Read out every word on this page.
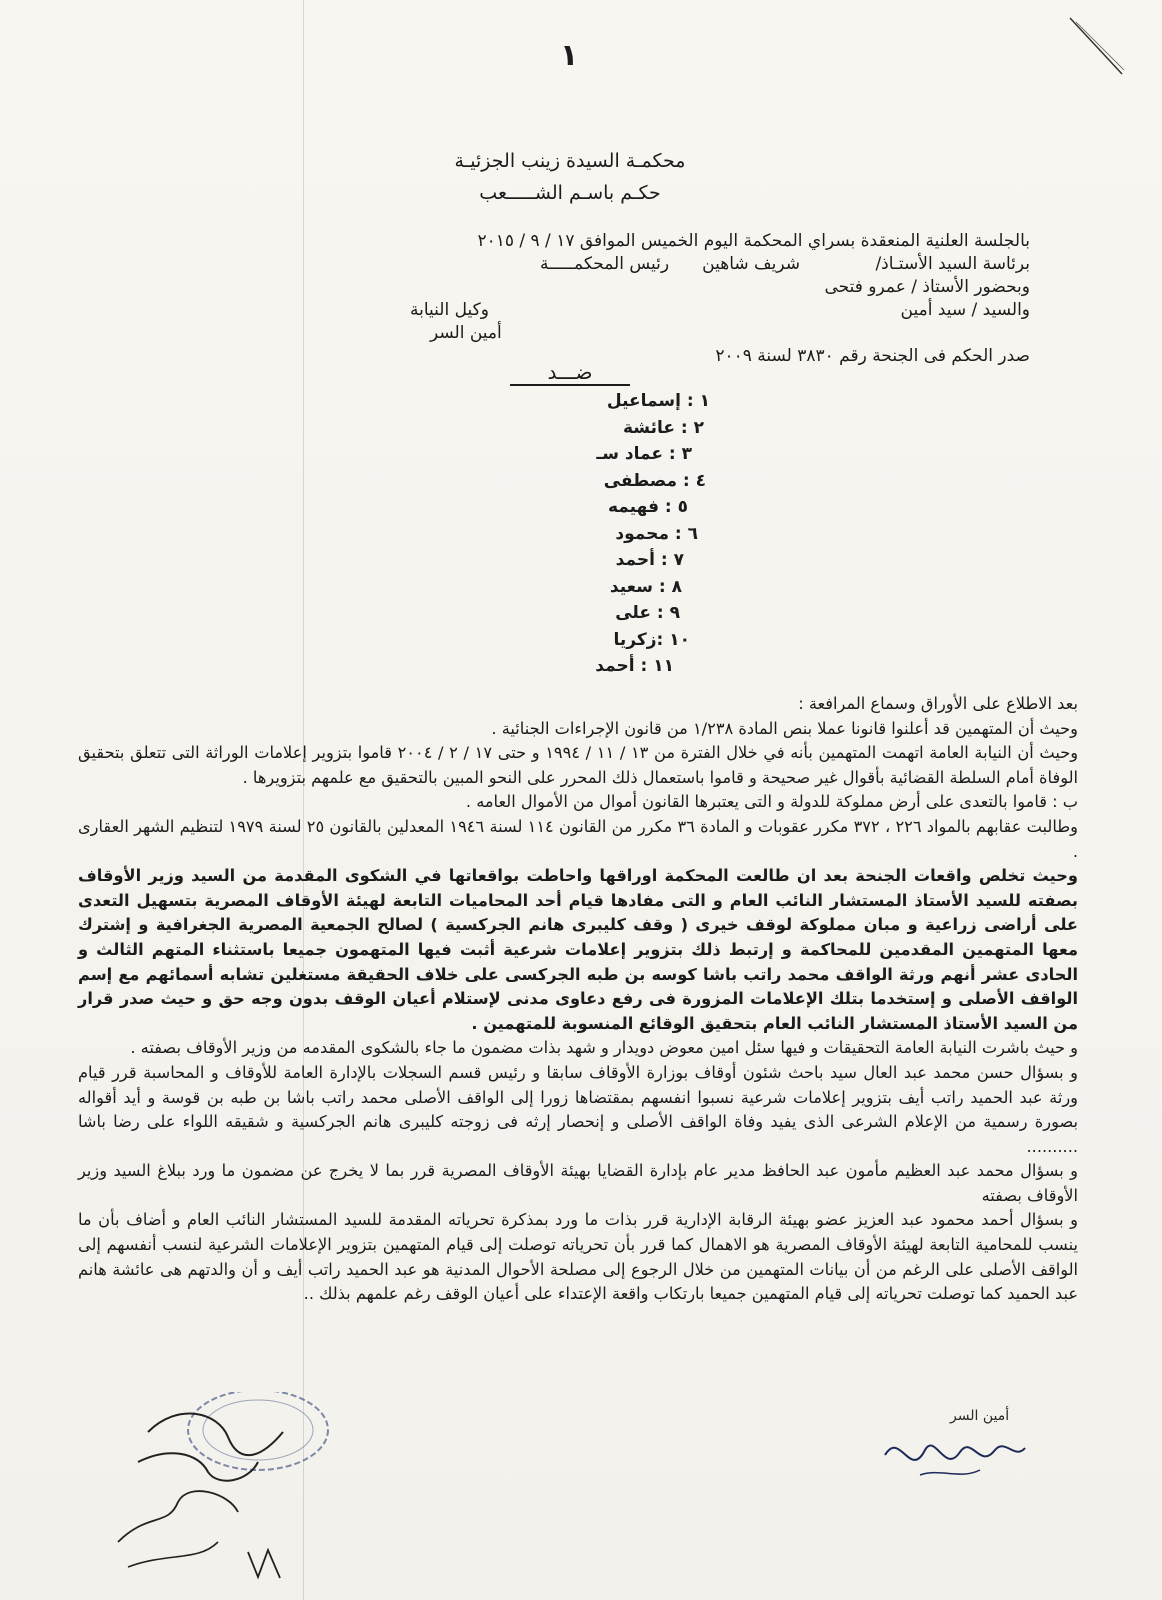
١
محكمـة السيدة زينب الجزئيـة
حكـم باسـم الشـــــعب
بالجلسة العلنية المنعقدة بسراي المحكمة اليوم الخميس الموافق ١٧ / ٩ / ٢٠١٥
برئاسة السيد الأستـاذ/
شريف شاهين
رئيس المحكمـــــة
وبحضور الأستاذ / عمرو فتحى
وكيل النيابة	والسيد / سيد أمين
أمين السر
صدر الحكم فى الجنحة رقم ٣٨٣٠ لسنة ٢٠٠٩
ضـــد
١ : إسماعيل
٢ : عائشة
٣ : عماد سـ
٤ : مصطفى
٥ : فهيمه
٦ : محمود
٧ : أحمد
٨ : سعيد
٩ : على
١٠ :زكريا
١١ : أحمد

بعد الاطلاع على الأوراق وسماع المرافعة :

وحيث أن المتهمين قد أعلنوا قانونا عملا بنص المادة ١/٢٣٨ من قانون الإجراءات الجنائية .

وحيث أن النيابة العامة اتهمت المتهمين بأنه في خلال الفترة من ١٣ / ١١ / ١٩٩٤ و حتى ١٧ / ٢ / ٢٠٠٤ قاموا بتزوير إعلامات الوراثة التى تتعلق بتحقيق الوفاة أمام السلطة القضائية بأقوال غير صحيحة و قاموا باستعمال ذلك المحرر على النحو المبين بالتحقيق مع علمهم بتزويرها .

ب : قاموا بالتعدى على أرض مملوكة للدولة و التى يعتبرها القانون أموال من الأموال العامه .

وطالبت عقابهم بالمواد ٢٢٦ ، ٣٧٢ مكرر عقوبات و المادة ٣٦ مكرر من القانون ١١٤ لسنة ١٩٤٦ المعدلين بالقانون ٢٥ لسنة ١٩٧٩ لتنظيم الشهر العقارى .

وحيث تخلص واقعات الجنحة بعد ان طالعت المحكمة اوراقها واحاطت بواقعاتها في الشكوى المقدمة من السيد وزير الأوقاف بصفته للسيد الأستاذ المستشار النائب العام و التى مفادها قيام أحد المحاميات التابعة لهيئة الأوقاف المصرية بتسهيل التعدى على أراضى زراعية و مبان مملوكة لوقف خيرى ( وقف كليبرى هانم الجركسية ) لصالح الجمعية المصرية الجغرافية و إشترك معها المتهمين المقدمين للمحاكمة و إرتبط ذلك بتزوير إعلامات شرعية أثبت فيها المتهمون جميعا باستثناء المتهم الثالث و الحادى عشر أنهم ورثة الواقف محمد راتب باشا كوسه بن طبه الجركسى على خلاف الحقيقة مستغلين تشابه أسمائهم مع إسم الواقف الأصلى و إستخدما بتلك الإعلامات المزورة فى رفع دعاوى مدنى لإستلام أعيان الوقف بدون وجه حق و حيث صدر قرار من السيد الأستاذ المستشار النائب العام بتحقيق الوقائع المنسوبة للمتهمين .

و حيث باشرت النيابة العامة التحقيقات و فيها سئل امين معوض دويدار و شهد بذات مضمون ما جاء بالشكوى المقدمه من وزير الأوقاف بصفته .

و بسؤال حسن محمد عبد العال سيد باحث شئون أوقاف بوزارة الأوقاف سابقا و رئيس قسم السجلات بالإدارة العامة للأوقاف و المحاسبة قرر قيام ورثة عبد الحميد راتب أيف بتزوير إعلامات شرعية نسبوا انفسهم بمقتضاها زورا إلى الواقف الأصلى محمد راتب باشا بن طبه بن قوسة و أيد أقواله بصورة رسمية من الإعلام الشرعى الذى يفيد وفاة الواقف الأصلى و إنحصار إرثه فى زوجته كليبرى هانم الجركسية و شقيقه اللواء على رضا باشا ..........

و بسؤال محمد عبد العظيم مأمون عبد الحافظ مدير عام بإدارة القضايا بهيئة الأوقاف المصرية قرر بما لا يخرج عن مضمون ما ورد ببلاغ السيد وزير الأوقاف بصفته

و بسؤال أحمد محمود عبد العزيز عضو بهيئة الرقابة الإدارية قرر بذات ما ورد بمذكرة تحرياته المقدمة للسيد المستشار النائب العام و أضاف بأن ما ينسب للمحامية التابعة لهيئة الأوقاف المصرية هو الاهمال كما قرر بأن تحرياته توصلت إلى قيام المتهمين بتزوير الإعلامات الشرعية لنسب أنفسهم إلى الواقف الأصلى على الرغم من أن بيانات المتهمين من خلال الرجوع إلى مصلحة الأحوال المدنية هو عبد الحميد راتب أيف و أن والدتهم هى عائشة هانم عبد الحميد كما توصلت تحرياته إلى قيام المتهمين جميعا بارتكاب واقعة الإعتداء على أعيان الوقف رغم علمهم بذلك ..

أمين السر
